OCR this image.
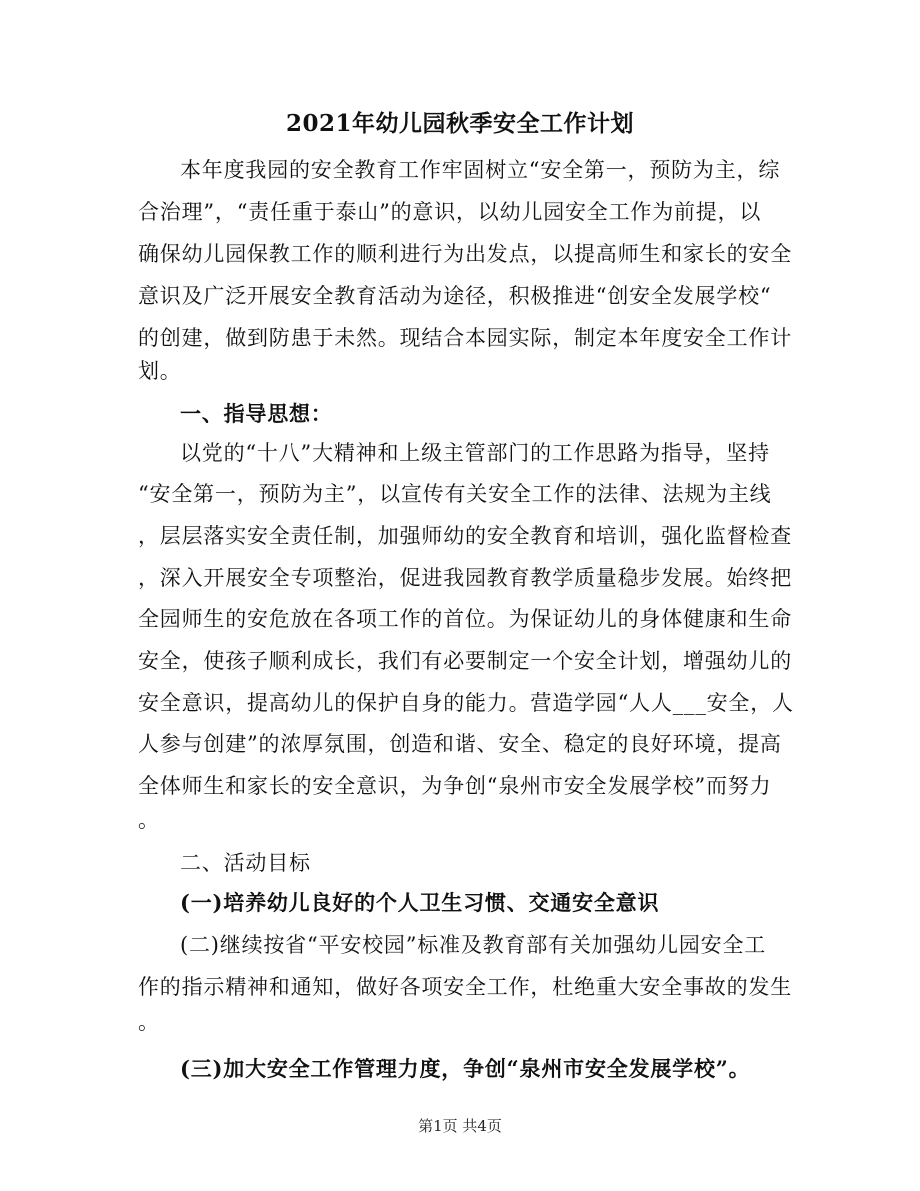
2021年幼儿园秋季安全工作计划
本年度我园的安全教育工作牢固树立“安全第一，预防为主，综
合治理”，“责任重于泰山”的意识，以幼儿园安全工作为前提，以
确保幼儿园保教工作的顺利进行为出发点，以提高师生和家长的安全
意识及广泛开展安全教育活动为途径，积极推进“创安全发展学校“
的创建，做到防患于未然。现结合本园实际，制定本年度安全工作计
划。
一、指导思想：
以党的“十八”大精神和上级主管部门的工作思路为指导，坚持
“安全第一，预防为主”，以宣传有关安全工作的法律、法规为主线
，层层落实安全责任制，加强师幼的安全教育和培训，强化监督检查
，深入开展安全专项整治，促进我园教育教学质量稳步发展。始终把
全园师生的安危放在各项工作的首位。为保证幼儿的身体健康和生命
安全，使孩子顺利成长，我们有必要制定一个安全计划，增强幼儿的
安全意识，提高幼儿的保护自身的能力。营造学园“人人___安全，人
人参与创建”的浓厚氛围，创造和谐、安全、稳定的良好环境，提高
全体师生和家长的安全意识，为争创“泉州市安全发展学校”而努力
。
二、活动目标
(一)培养幼儿良好的个人卫生习惯、交通安全意识
(二)继续按省“平安校园”标准及教育部有关加强幼儿园安全工
作的指示精神和通知，做好各项安全工作，杜绝重大安全事故的发生
。
(三)加大安全工作管理力度，争创“泉州市安全发展学校”。
第1页 共4页
